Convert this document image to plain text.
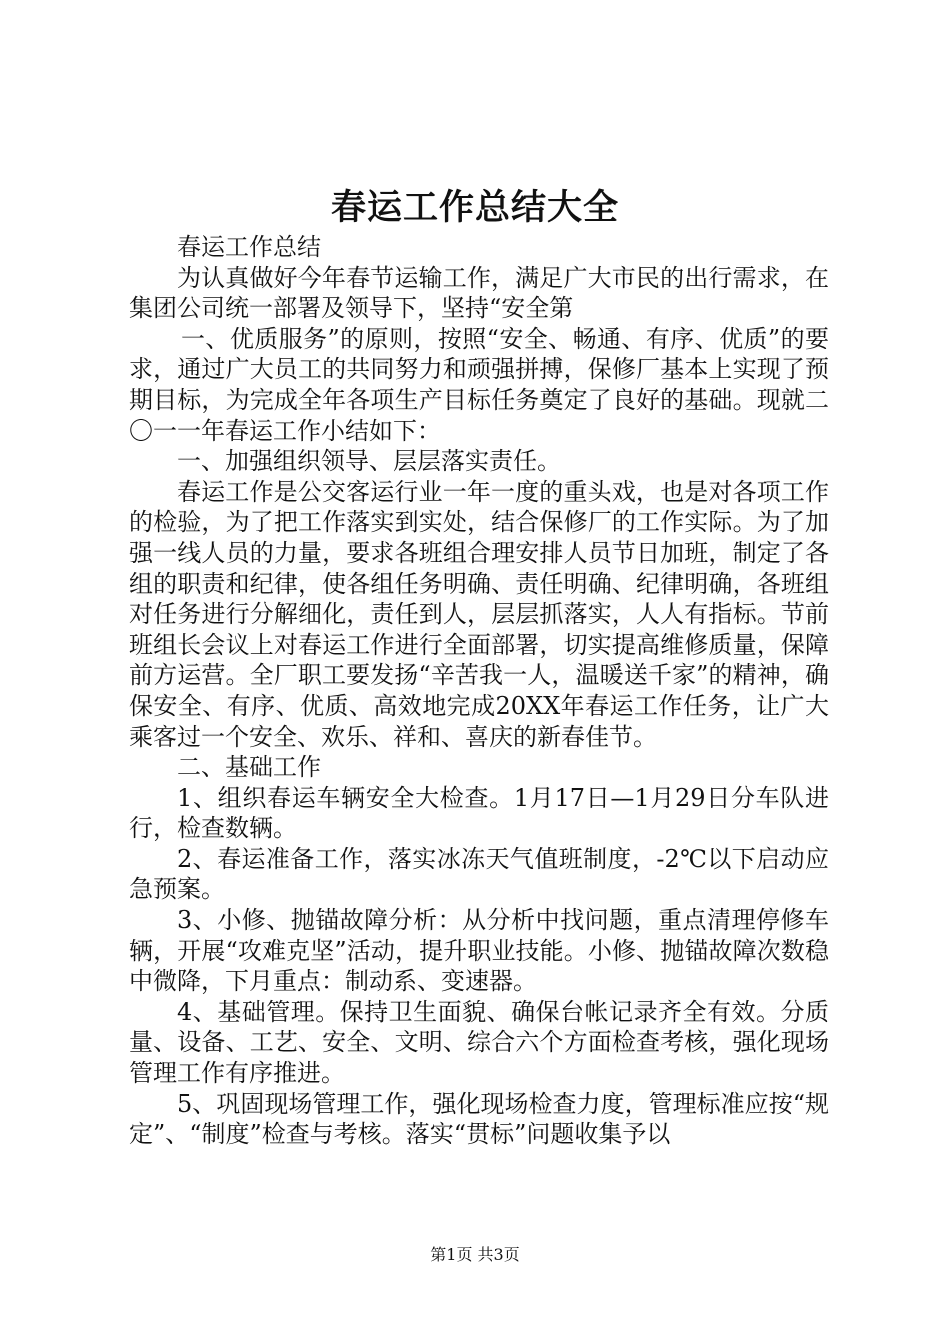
春运工作总结大全

春运工作总结

为认真做好今年春节运输工作，满足广大市民的出行需求，在集团公司统一部署及领导下，坚持“安全第

一、优质服务”的原则，按照“安全、畅通、有序、优质”的要求，通过广大员工的共同努力和顽强拼搏，保修厂基本上实现了预期目标，为完成全年各项生产目标任务奠定了良好的基础。现就二〇一一年春运工作小结如下：

一、加强组织领导、层层落实责任。

春运工作是公交客运行业一年一度的重头戏，也是对各项工作的检验，为了把工作落实到实处，结合保修厂的工作实际。为了加强一线人员的力量，要求各班组合理安排人员节日加班，制定了各组的职责和纪律，使各组任务明确、责任明确、纪律明确，各班组对任务进行分解细化，责任到人，层层抓落实，人人有指标。节前班组长会议上对春运工作进行全面部署，切实提高维修质量，保障前方运营。全厂职工要发扬“辛苦我一人，温暖送千家”的精神，确保安全、有序、优质、高效地完成20XX年春运工作任务，让广大乘客过一个安全、欢乐、祥和、喜庆的新春佳节。

二、基础工作

1、组织春运车辆安全大检查。1月17日—1月29日分车队进行，检查数辆。

2、春运准备工作，落实冰冻天气值班制度，-2℃以下启动应急预案。

3、小修、抛锚故障分析：从分析中找问题，重点清理停修车辆，开展“攻难克坚”活动，提升职业技能。小修、抛锚故障次数稳中微降，下月重点：制动系、变速器。

4、基础管理。保持卫生面貌、确保台帐记录齐全有效。分质量、设备、工艺、安全、文明、综合六个方面检查考核，强化现场管理工作有序推进。

5、巩固现场管理工作，强化现场检查力度，管理标准应按“规定”、“制度”检查与考核。落实“贯标”问题收集予以

第1页 共3页
